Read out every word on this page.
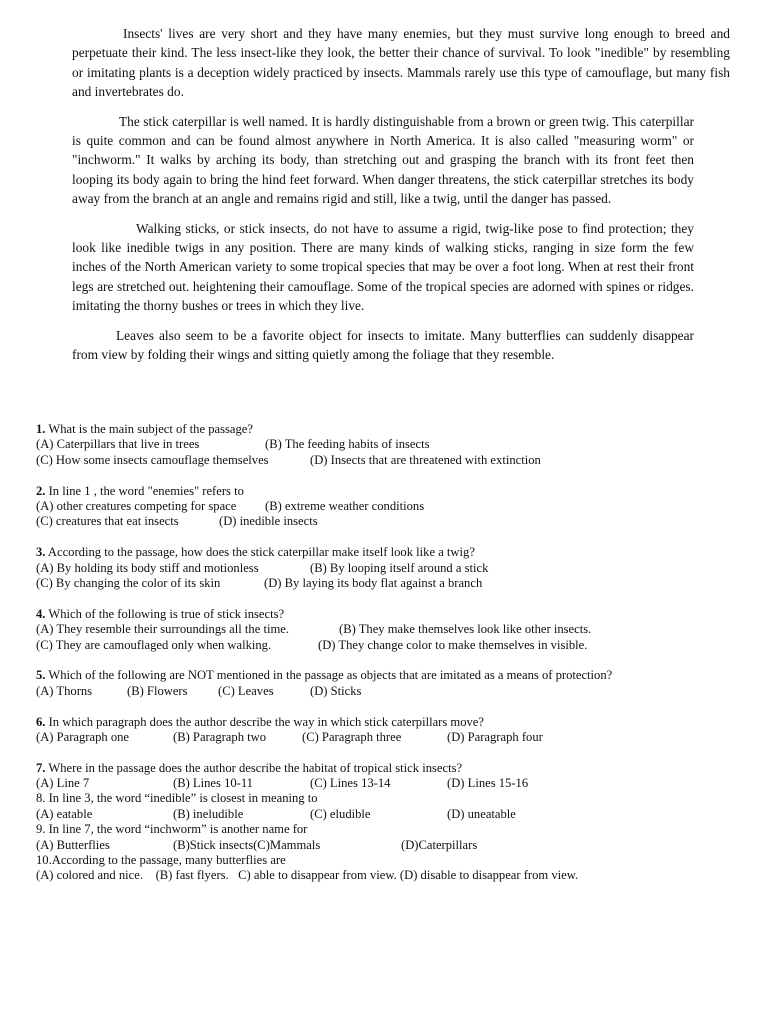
Insects' lives are very short and they have many enemies, but they must survive long enough to breed and perpetuate their kind. The less insect-like they look, the better their chance of survival. To look "inedible" by resembling or imitating plants is a deception widely practiced by insects. Mammals rarely use this type of camouflage, but many fish and invertebrates do.

The stick caterpillar is well named. It is hardly distinguishable from a brown or green twig. This caterpillar is quite common and can be found almost anywhere in North America. It is also called "measuring worm" or "inchworm." It walks by arching its body, than stretching out and grasping the branch with its front feet then looping its body again to bring the hind feet forward. When danger threatens, the stick caterpillar stretches its body away from the branch at an angle and remains rigid and still, like a twig, until the danger has passed.

Walking sticks, or stick insects, do not have to assume a rigid, twig-like pose to find protection; they look like inedible twigs in any position. There are many kinds of walking sticks, ranging in size form the few inches of the North American variety to some tropical species that may be over a foot long. When at rest their front legs are stretched out. heightening their camouflage. Some of the tropical species are adorned with spines or ridges. imitating the thorny bushes or trees in which they live.

Leaves also seem to be a favorite object for insects to imitate. Many butterflies can suddenly disappear from view by folding their wings and sitting quietly among the foliage that they resemble.

1. What is the main subject of the passage?
(A) Caterpillars that live in trees	(B) The feeding habits of insects
(C) How some insects camouflage themselves	(D) Insects that are threatened with extinction
2. In line 1 , the word "enemies" refers to
(A) other creatures competing for space (B) extreme weather conditions
(C) creatures that eat insects	(D) inedible insects
3. According to the passage, how does the stick caterpillar make itself look like a twig?
(A) By holding its body stiff and motionless	(B) By looping itself around a stick
(C) By changing the color of its skin	(D) By laying its body flat against a branch
4. Which of the following is true of stick insects?
(A) They resemble their surroundings all the time.	(B) They make themselves look like other insects.
(C) They are camouflaged only when walking.	(D) They change color to make themselves in visible.
5. Which of the following are NOT mentioned in the passage as objects that are imitated as a means of protection?
(A) Thorns	(B) Flowers (C) Leaves	(D) Sticks
6. In which paragraph does the author describe the way in which stick caterpillars move?
(A) Paragraph one	(B) Paragraph two	(C) Paragraph three	(D) Paragraph four
7. Where in the passage does the author describe the habitat of tropical stick insects?
(A) Line 7	(B) Lines 10-11	(C) Lines 13-14	(D) Lines 15-16
8. In line 3, the word “inedible” is closest in meaning to
(A) eatable	(B) ineludible	(C) eludible	(D) uneatable
9. In line 7, the word “inchworm” is another name for
(A) Butterflies	(B)Stick insects(C)Mammals	(D)Caterpillars
10.According to the passage, many butterflies are
(A) colored and nice.    (B) fast flyers.   C) able to disappear from view. (D) disable to disappear from view.
